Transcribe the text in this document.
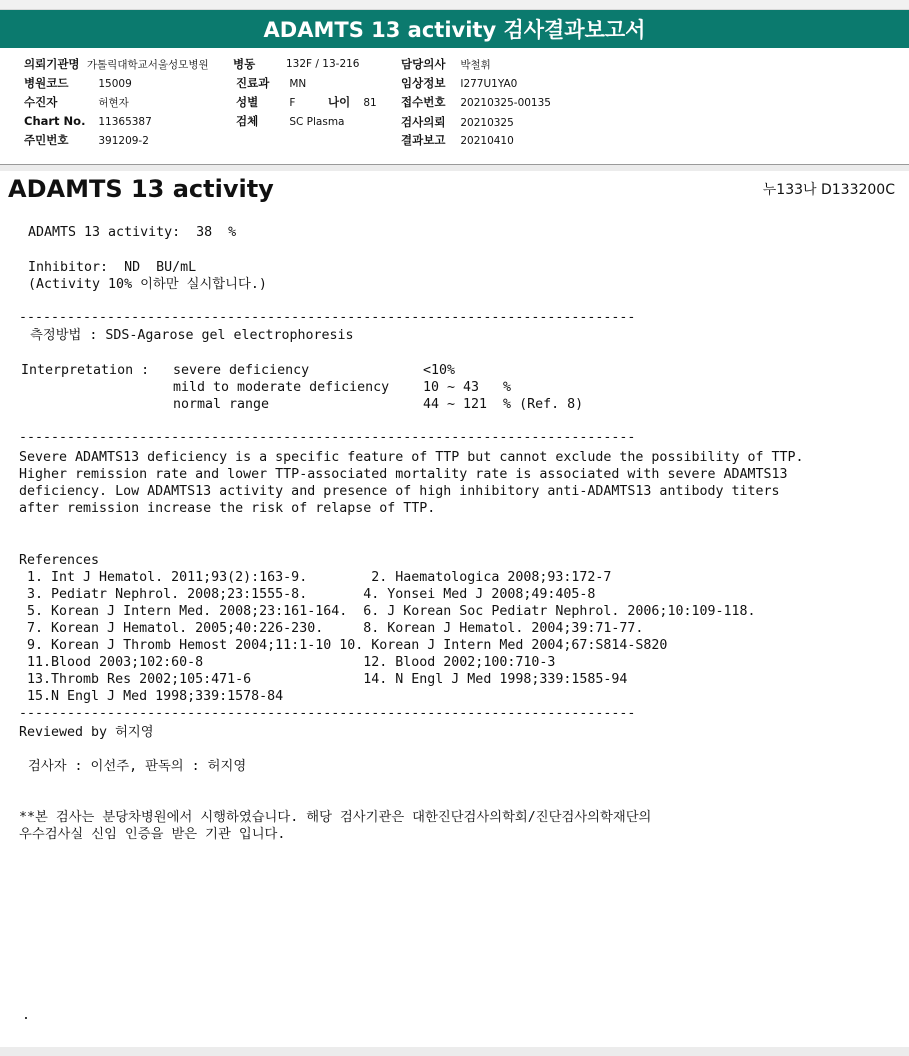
ADAMTS 13 activity 검사결과보고서
의뢰기관명 가톨릭대학교서울성모병원 병동	132F / 13-216	담당의사 박철휘
병원코드	15009	진료과 MN	임상정보 I277U1YA0
수진자	허현자	성별	F	나이 81 접수번호 20210325-00135
Chart No. 11365387	검체	SC Plasma	검사의뢰 20210325
주민번호	391209-2	결과보고 20210410
ADAMTS 13 activity	누133나 D133200C
ADAMTS 13 activity:  38  %
Inhibitor:  ND  BU/mL
(Activity 10% 이하만 실시합니다.)
-----------------------------------------------------------------------------
측정방법 : SDS-Agarose gel electrophoresis
Interpretation : severe deficiency	<10%
mild to moderate deficiency	10 ~ 43   %
normal range	44 ~ 121  % (Ref. 8)
-----------------------------------------------------------------------------
Severe ADAMTS13 deficiency is a specific feature of TTP but cannot exclude the possibility of TTP.
Higher remission rate and lower TTP-associated mortality rate is associated with severe ADAMTS13
deficiency. Low ADAMTS13 activity and presence of high inhibitory anti-ADAMTS13 antibody titers
after remission increase the risk of relapse of TTP.
References
1. Int J Hematol. 2011;93(2):163-9.        2. Haematologica 2008;93:172-7
3. Pediatr Nephrol. 2008;23:1555-8.       4. Yonsei Med J 2008;49:405-8
5. Korean J Intern Med. 2008;23:161-164.  6. J Korean Soc Pediatr Nephrol. 2006;10:109-118.
7. Korean J Hematol. 2005;40:226-230.     8. Korean J Hematol. 2004;39:71-77.
9. Korean J Thromb Hemost 2004;11:1-10 10. Korean J Intern Med 2004;67:S814-S820
11.Blood 2003;102:60-8                    12. Blood 2002;100:710-3
13.Thromb Res 2002;105:471-6              14. N Engl J Med 1998;339:1585-94
15.N Engl J Med 1998;339:1578-84
-----------------------------------------------------------------------------
Reviewed by 허지영
검사자 : 이선주, 판독의 : 허지영
**본 검사는 분당차병원에서 시행하였습니다. 해당 검사기관은 대한진단검사의학회/진단검사의학재단의
우수검사실 신임 인증을 받은 기관 입니다.
.
